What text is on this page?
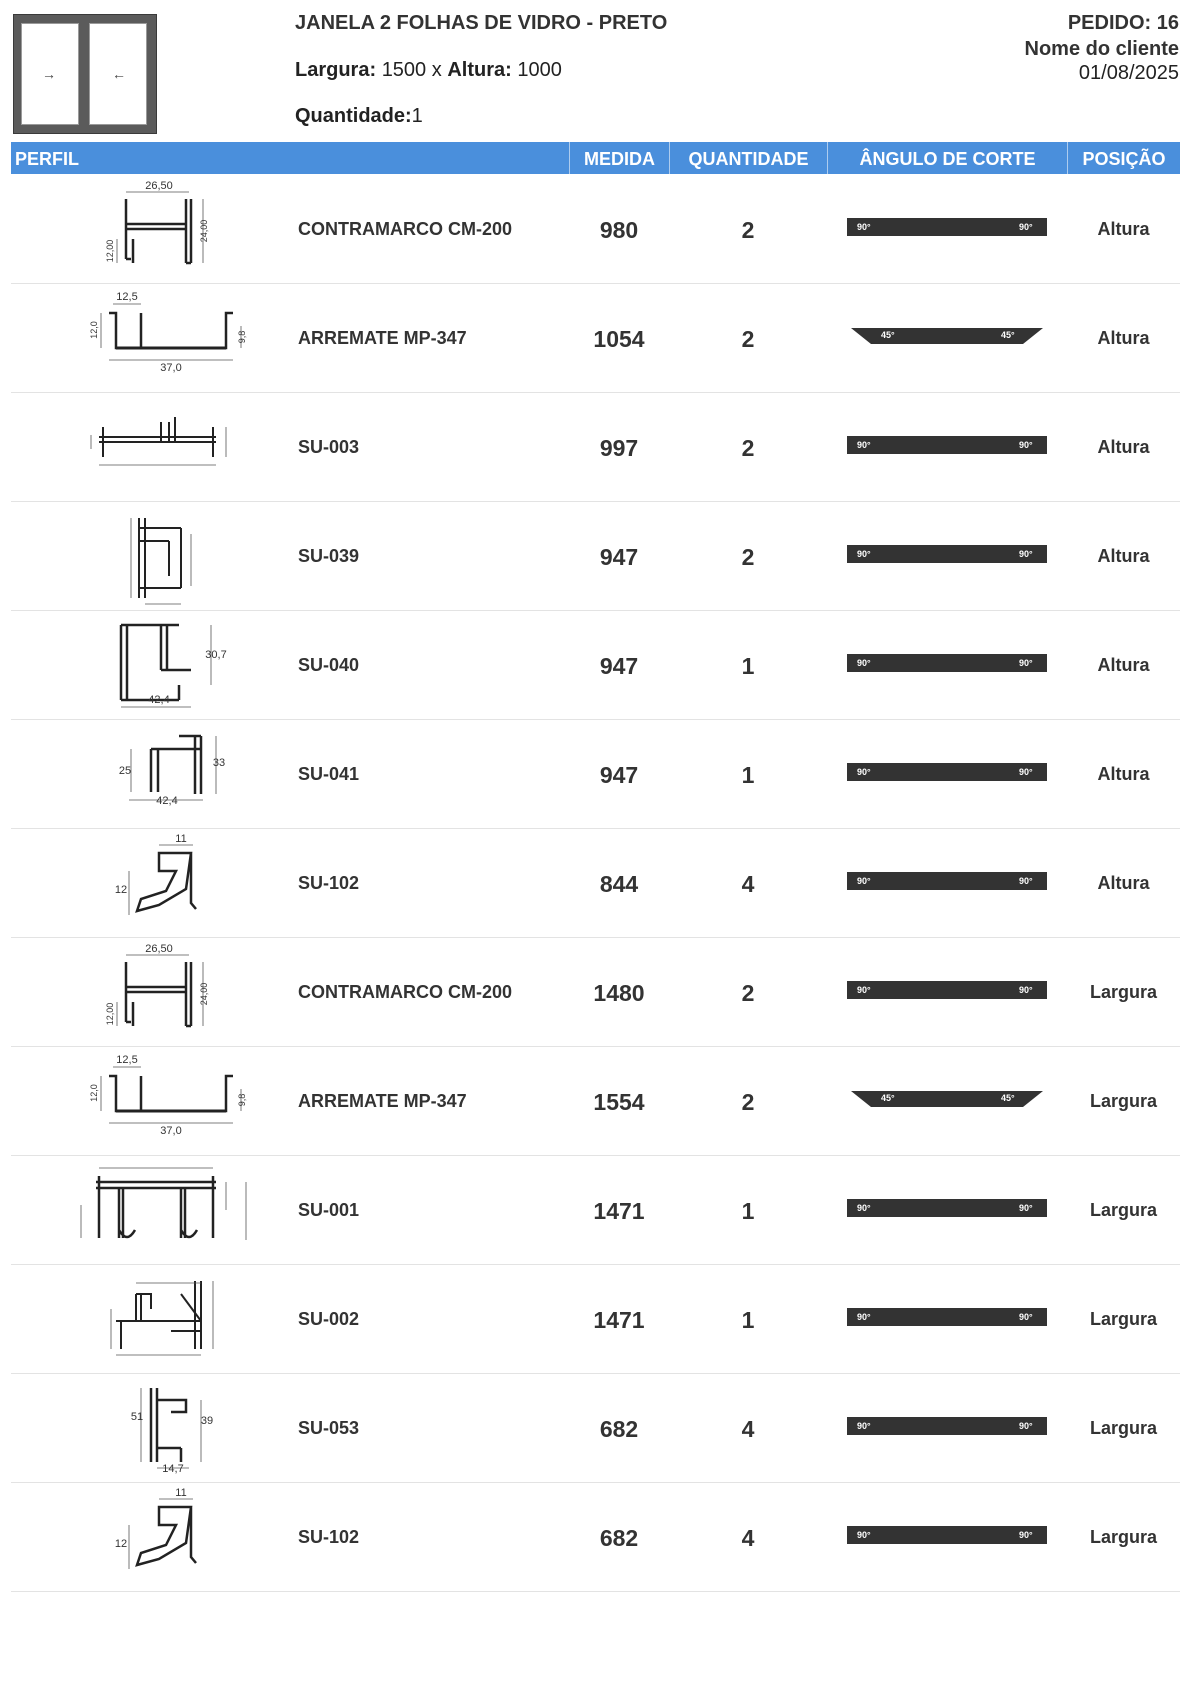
→	←
JANELA 2 FOLHAS DE VIDRO - PRETO
Largura: 1500 x Altura: 1000
Quantidade:1
PEDIDO: 16
Nome do cliente
01/08/2025
PERFIL	MEDIDA	QUANTIDADE	ÂNGULO DE CORTE	POSIÇÃO
26,50
24,00
12,00
CONTRAMARCO CM-200	980	2	90°	90°	Altura
12,5
12,0	9,8
37,0
ARREMATE MP-347	1054	2	45°	45°	Altura
SU-003	997	2	90°	90°	Altura
SU-039	947	2	90°	90°	Altura
30,7
42,4
SU-040	947	1	90°	90°	Altura
25
33
42,4
SU-041	947	1	90°	90°	Altura
11
12	SU-102	844	4	90°	90°	Altura
26,50
24,00
12,00
CONTRAMARCO CM-200	1480	2	90°	90°	Largura
12,5
12,0	9,8
37,0
ARREMATE MP-347	1554	2	45°	45°	Largura
SU-001	1471	1	90°	90°	Largura
SU-002	1471	1	90°	90°	Largura
51	39
14,7
SU-053	682	4	90°	90°	Largura
11
12	SU-102	682	4	90°	90°	Largura
